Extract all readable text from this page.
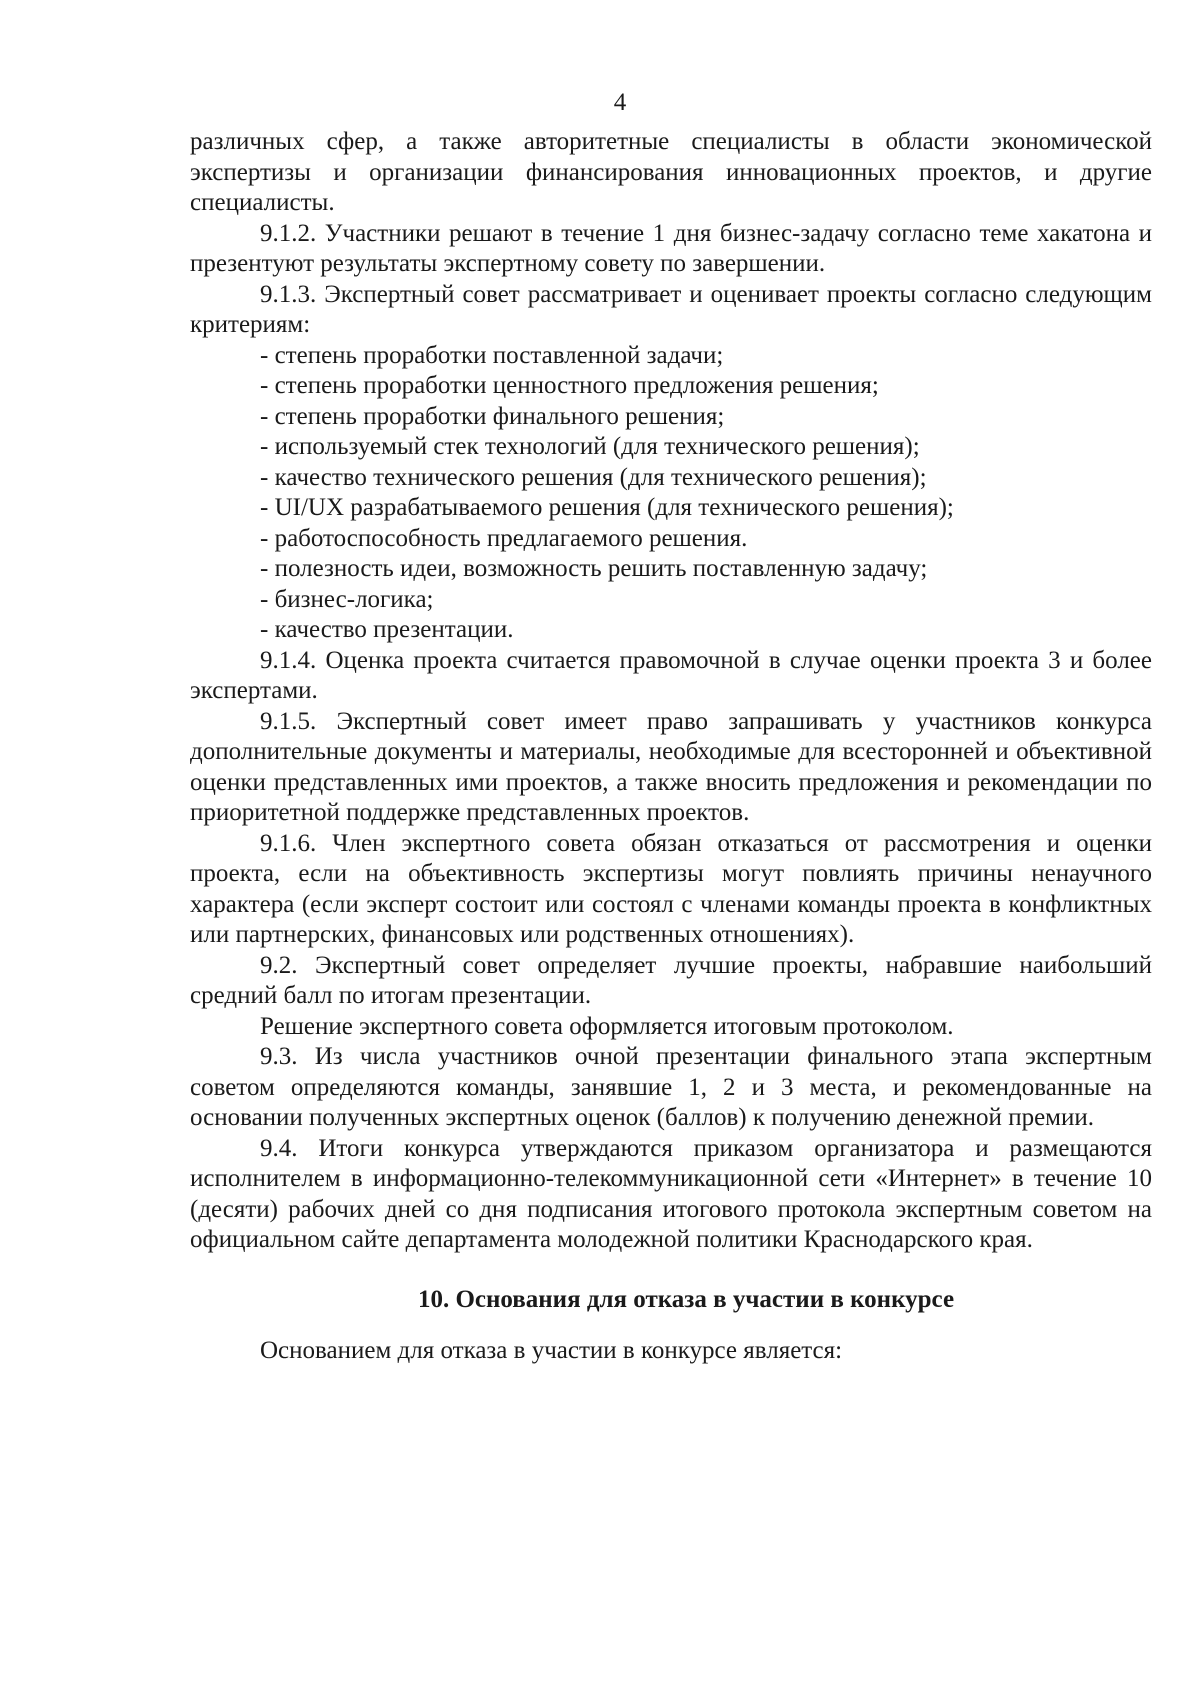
4

различных сфер, а также авторитетные специалисты в области экономической экспертизы и организации финансирования инновационных проектов, и другие специалисты.

9.1.2. Участники решают в течение 1 дня бизнес-задачу согласно теме хакатона и презентуют результаты экспертному совету по завершении.

9.1.3. Экспертный совет рассматривает и оценивает проекты согласно следующим критериям:

- степень проработки поставленной задачи;
- степень проработки ценностного предложения решения;
- степень проработки финального решения;
- используемый стек технологий (для технического решения);
- качество технического решения (для технического решения);
- UI/UX разрабатываемого решения (для технического решения);
- работоспособность предлагаемого решения.
- полезность идеи, возможность решить поставленную задачу;
- бизнес-логика;
- качество презентации.

9.1.4. Оценка проекта считается правомочной в случае оценки проекта 3 и более экспертами.

9.1.5. Экспертный совет имеет право запрашивать у участников конкурса дополнительные документы и материалы, необходимые для всесторонней и объективной оценки представленных ими проектов, а также вносить предложения и рекомендации по приоритетной поддержке представленных проектов.

9.1.6. Член экспертного совета обязан отказаться от рассмотрения и оценки проекта, если на объективность экспертизы могут повлиять причины ненаучного характера (если эксперт состоит или состоял с членами команды проекта в конфликтных или партнерских, финансовых или родственных отношениях).

9.2. Экспертный совет определяет лучшие проекты, набравшие наибольший средний балл по итогам презентации.

Решение экспертного совета оформляется итоговым протоколом.

9.3. Из числа участников очной презентации финального этапа экспертным советом определяются команды, занявшие 1, 2 и 3 места, и рекомендованные на основании полученных экспертных оценок (баллов) к получению денежной премии.

9.4. Итоги конкурса утверждаются приказом организатора и размещаются исполнителем в информационно-телекоммуникационной сети «Интернет» в течение 10 (десяти) рабочих дней со дня подписания итогового протокола экспертным советом на официальном сайте департамента молодежной политики Краснодарского края.

10. Основания для отказа в участии в конкурсе

Основанием для отказа в участии в конкурсе является:
